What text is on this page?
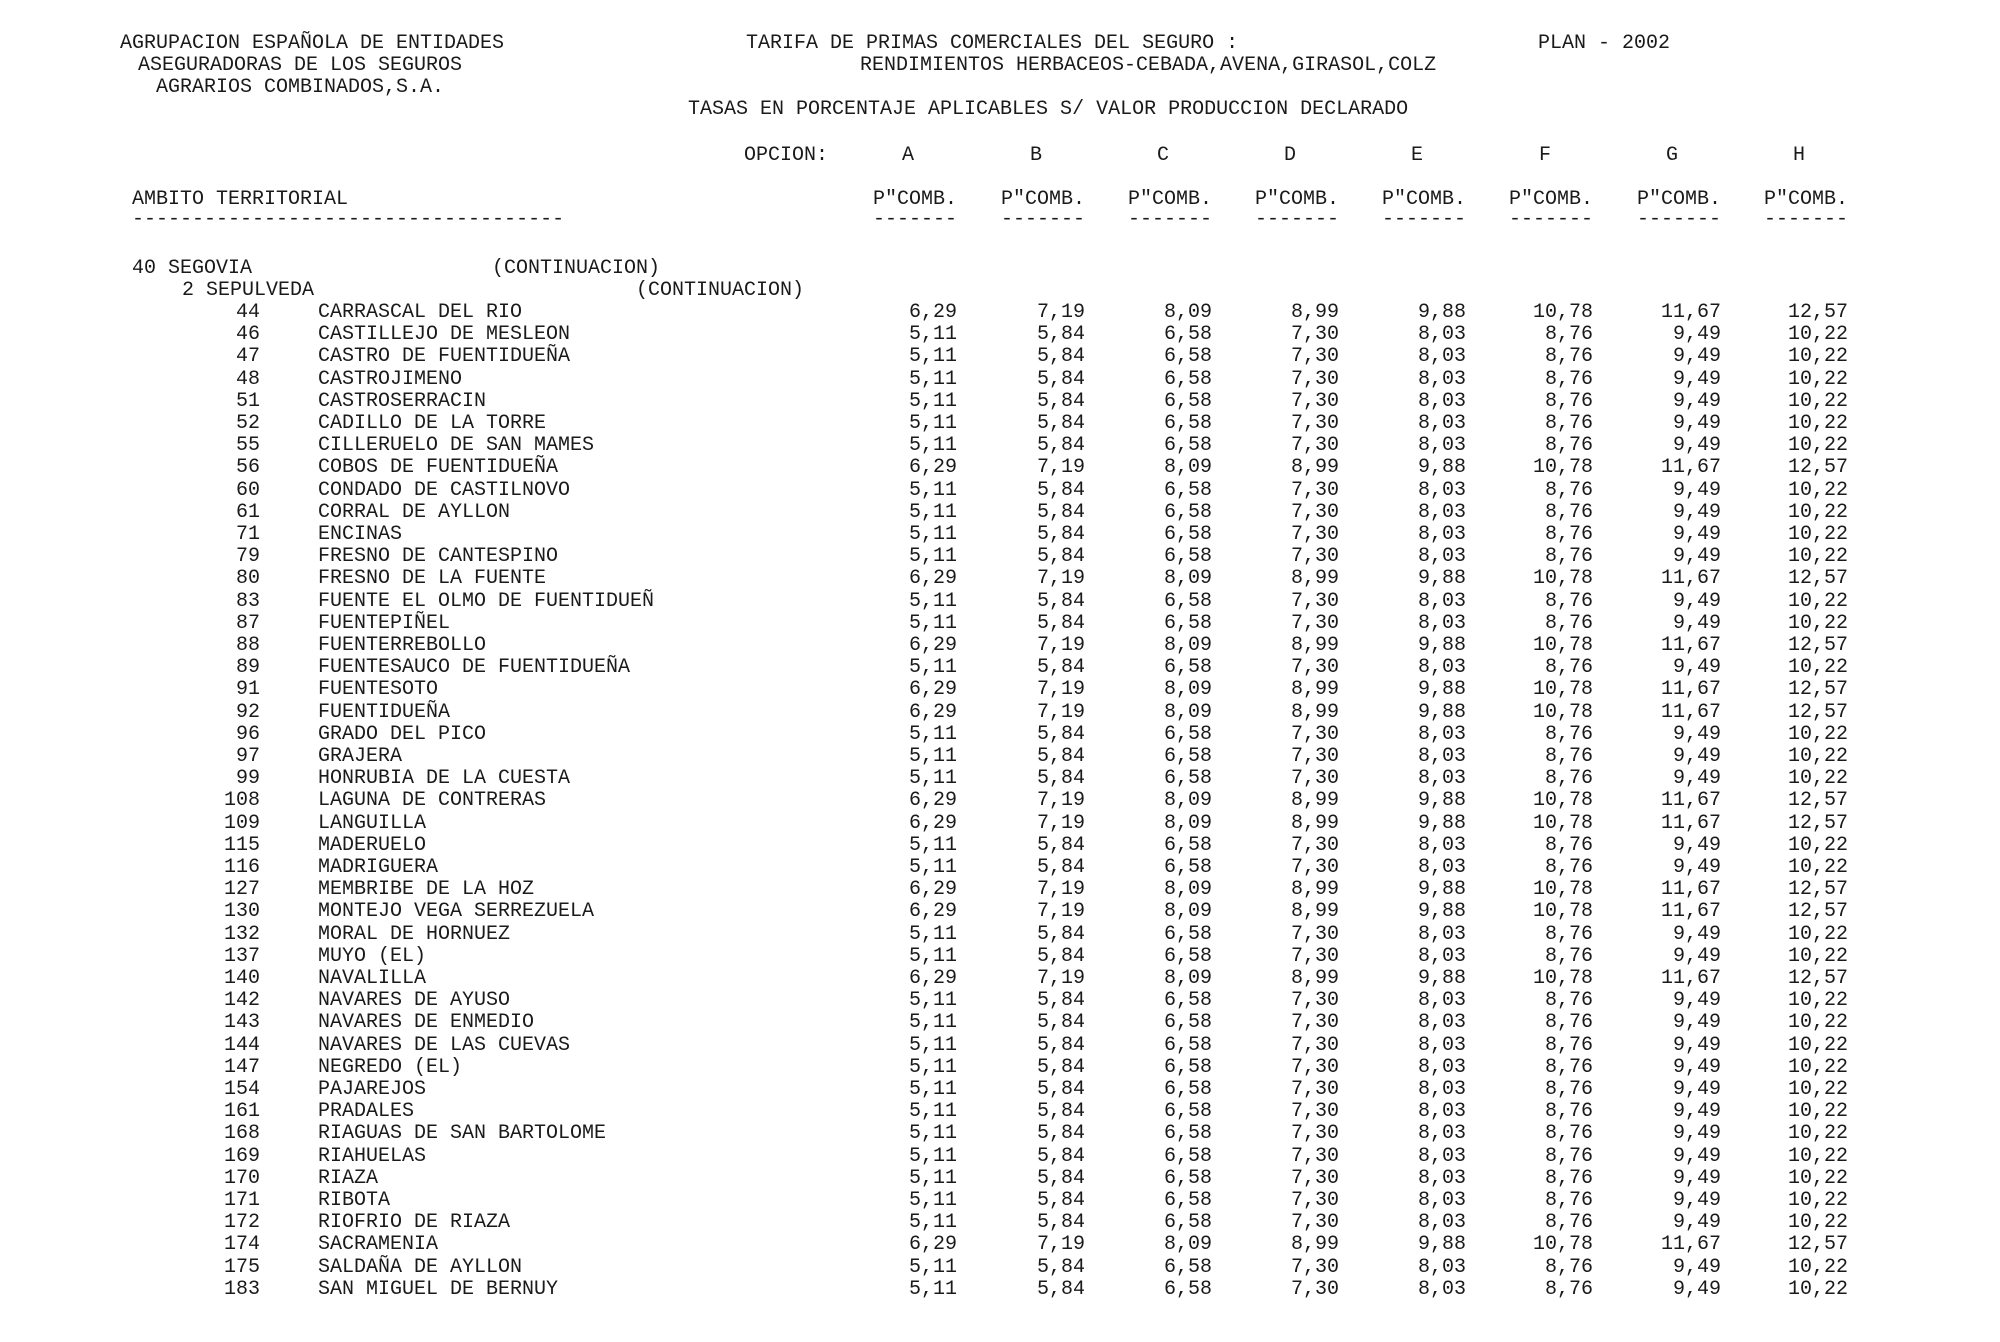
AGRUPACION ESPAÑOLA DE ENTIDADES
ASEGURADORAS DE LOS SEGUROS
AGRARIOS COMBINADOS,S.A.
TARIFA DE PRIMAS COMERCIALES DEL SEGURO :	PLAN - 2002
RENDIMIENTOS HERBACEOS-CEBADA,AVENA,GIRASOL,COLZ
TASAS EN PORCENTAJE APLICABLES S/ VALOR PRODUCCION DECLARADO
OPCION:	A	B	C	D	E	F	G	H
AMBITO TERRITORIAL	P"COMB.	P"COMB.	P"COMB.	P"COMB.	P"COMB.	P"COMB.	P"COMB.	P"COMB.
------------------------------------	-------	-------	-------	-------	-------	-------	-------	-------
40 SEGOVIA	(CONTINUACION)
2 SEPULVEDA	(CONTINUACION)
44	CARRASCAL DEL RIO	6,29	7,19	8,09	8,99	9,88	10,78	11,67	12,57
46	CASTILLEJO DE MESLEON	5,11	5,84	6,58	7,30	8,03	8,76	9,49	10,22
47	CASTRO DE FUENTIDUEÑA	5,11	5,84	6,58	7,30	8,03	8,76	9,49	10,22
48	CASTROJIMENO	5,11	5,84	6,58	7,30	8,03	8,76	9,49	10,22
51	CASTROSERRACIN	5,11	5,84	6,58	7,30	8,03	8,76	9,49	10,22
52	CADILLO DE LA TORRE	5,11	5,84	6,58	7,30	8,03	8,76	9,49	10,22
55	CILLERUELO DE SAN MAMES	5,11	5,84	6,58	7,30	8,03	8,76	9,49	10,22
56	COBOS DE FUENTIDUEÑA	6,29	7,19	8,09	8,99	9,88	10,78	11,67	12,57
60	CONDADO DE CASTILNOVO	5,11	5,84	6,58	7,30	8,03	8,76	9,49	10,22
61	CORRAL DE AYLLON	5,11	5,84	6,58	7,30	8,03	8,76	9,49	10,22
71	ENCINAS	5,11	5,84	6,58	7,30	8,03	8,76	9,49	10,22
79	FRESNO DE CANTESPINO	5,11	5,84	6,58	7,30	8,03	8,76	9,49	10,22
80	FRESNO DE LA FUENTE	6,29	7,19	8,09	8,99	9,88	10,78	11,67	12,57
83	FUENTE EL OLMO DE FUENTIDUEÑ	5,11	5,84	6,58	7,30	8,03	8,76	9,49	10,22
87	FUENTEPIÑEL	5,11	5,84	6,58	7,30	8,03	8,76	9,49	10,22
88	FUENTERREBOLLO	6,29	7,19	8,09	8,99	9,88	10,78	11,67	12,57
89	FUENTESAUCO DE FUENTIDUEÑA	5,11	5,84	6,58	7,30	8,03	8,76	9,49	10,22
91	FUENTESOTO	6,29	7,19	8,09	8,99	9,88	10,78	11,67	12,57
92	FUENTIDUEÑA	6,29	7,19	8,09	8,99	9,88	10,78	11,67	12,57
96	GRADO DEL PICO	5,11	5,84	6,58	7,30	8,03	8,76	9,49	10,22
97	GRAJERA	5,11	5,84	6,58	7,30	8,03	8,76	9,49	10,22
99	HONRUBIA DE LA CUESTA	5,11	5,84	6,58	7,30	8,03	8,76	9,49	10,22
108	LAGUNA DE CONTRERAS	6,29	7,19	8,09	8,99	9,88	10,78	11,67	12,57
109	LANGUILLA	6,29	7,19	8,09	8,99	9,88	10,78	11,67	12,57
115	MADERUELO	5,11	5,84	6,58	7,30	8,03	8,76	9,49	10,22
116	MADRIGUERA	5,11	5,84	6,58	7,30	8,03	8,76	9,49	10,22
127	MEMBRIBE DE LA HOZ	6,29	7,19	8,09	8,99	9,88	10,78	11,67	12,57
130	MONTEJO VEGA SERREZUELA	6,29	7,19	8,09	8,99	9,88	10,78	11,67	12,57
132	MORAL DE HORNUEZ	5,11	5,84	6,58	7,30	8,03	8,76	9,49	10,22
137	MUYO (EL)	5,11	5,84	6,58	7,30	8,03	8,76	9,49	10,22
140	NAVALILLA	6,29	7,19	8,09	8,99	9,88	10,78	11,67	12,57
142	NAVARES DE AYUSO	5,11	5,84	6,58	7,30	8,03	8,76	9,49	10,22
143	NAVARES DE ENMEDIO	5,11	5,84	6,58	7,30	8,03	8,76	9,49	10,22
144	NAVARES DE LAS CUEVAS	5,11	5,84	6,58	7,30	8,03	8,76	9,49	10,22
147	NEGREDO (EL)	5,11	5,84	6,58	7,30	8,03	8,76	9,49	10,22
154	PAJAREJOS	5,11	5,84	6,58	7,30	8,03	8,76	9,49	10,22
161	PRADALES	5,11	5,84	6,58	7,30	8,03	8,76	9,49	10,22
168	RIAGUAS DE SAN BARTOLOME	5,11	5,84	6,58	7,30	8,03	8,76	9,49	10,22
169	RIAHUELAS	5,11	5,84	6,58	7,30	8,03	8,76	9,49	10,22
170	RIAZA	5,11	5,84	6,58	7,30	8,03	8,76	9,49	10,22
171	RIBOTA	5,11	5,84	6,58	7,30	8,03	8,76	9,49	10,22
172	RIOFRIO DE RIAZA	5,11	5,84	6,58	7,30	8,03	8,76	9,49	10,22
174	SACRAMENIA	6,29	7,19	8,09	8,99	9,88	10,78	11,67	12,57
175	SALDAÑA DE AYLLON	5,11	5,84	6,58	7,30	8,03	8,76	9,49	10,22
183	SAN MIGUEL DE BERNUY	5,11	5,84	6,58	7,30	8,03	8,76	9,49	10,22
